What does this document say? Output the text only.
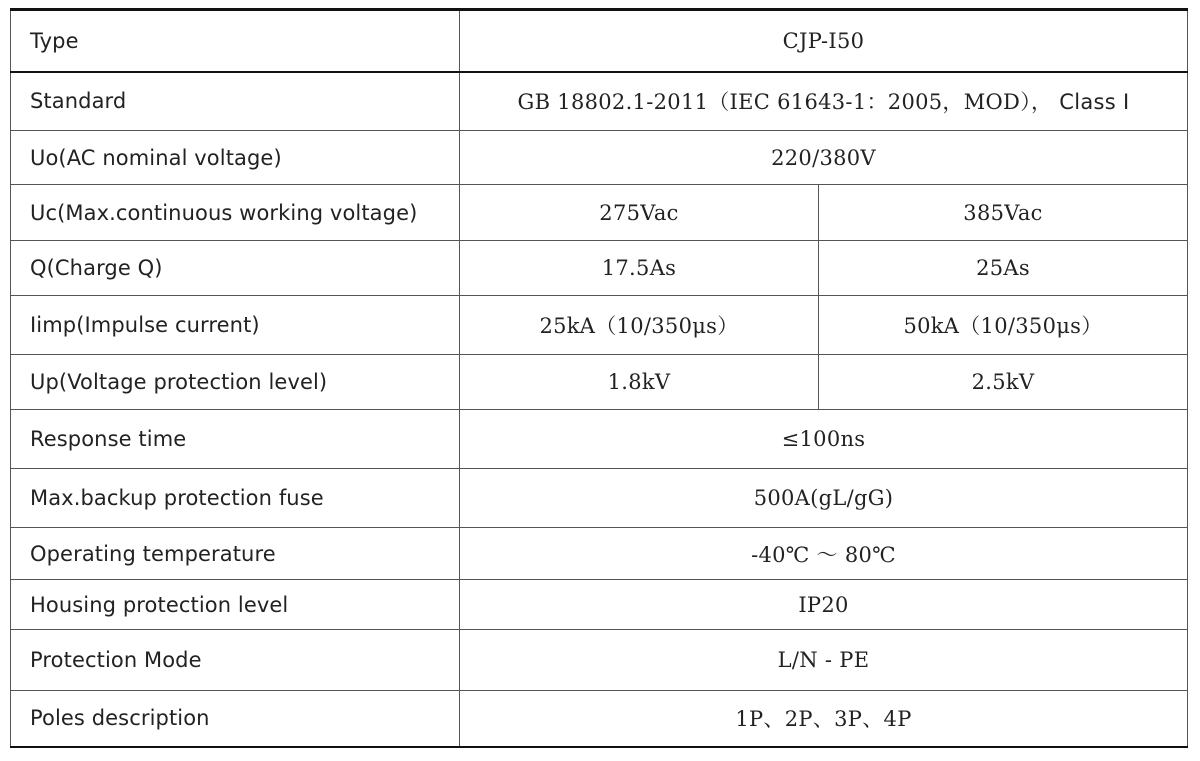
Type	CJP-I50	
Standard	GB 18802.1-2011（IEC 61643-1：2005，MOD）， Class I	
Uo(AC nominal voltage)	220/380V	
Uc(Max.continuous working voltage)	275Vac	385Vac
Q(Charge Q)	17.5As	25As
Iimp(Impulse current)	25kA（10/350μs）	50kA（10/350μs）
Up(Voltage protection level)	1.8kV	2.5kV
Response time	≤100ns	
Max.backup protection fuse	500A(gL/gG)	
Operating temperature	-40℃ ～ 80℃	
Housing protection level	IP20	
Protection Mode	L/N - PE	
Poles description	1P、2P、3P、4P	
